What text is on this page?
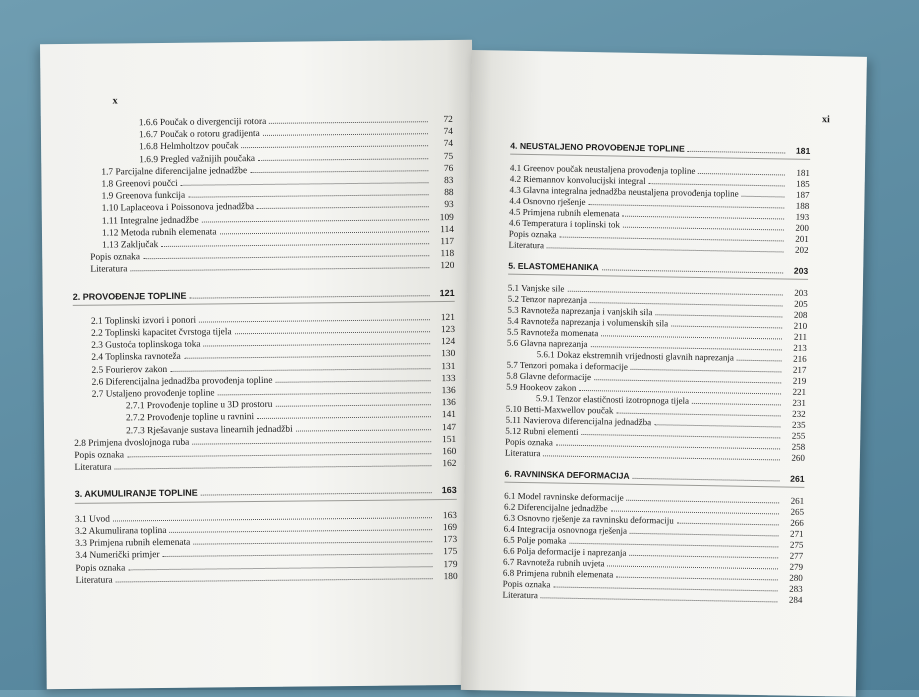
x
1.6.6 Poučak o divergenciji rotora	72
1.6.7 Poučak o rotoru gradijenta	74
1.6.8 Helmholtzov poučak	74
1.6.9 Pregled važnijih poučaka	75
1.7 Parcijalne diferencijalne jednadžbe	76
1.8 Greenovi poučci	83
1.9 Greenova funkcija	88
1.10 Laplaceova i Poissonova jednadžba	93
1.11 Integralne jednadžbe	109
1.12 Metoda rubnih elemenata	114
1.13 Zaključak	117
Popis oznaka	118
Literatura	120
2. PROVOĐENJE TOPLINE	121
2.1 Toplinski izvori i ponori	121
2.2 Toplinski kapacitet čvrstoga tijela	123
2.3 Gustoća toplinskoga toka	124
2.4 Toplinska ravnoteža	130
2.5 Fourierov zakon	131
2.6 Diferencijalna jednadžba provođenja topline	133
2.7 Ustaljeno provođenje topline	136
2.7.1 Provođenje topline u 3D prostoru	136
2.7.2 Provođenje topline u ravnini	141
2.7.3 Rješavanje sustava linearnih jednadžbi	147
2.8 Primjena dvoslojnoga ruba	151
Popis oznaka	160
Literatura	162
3. AKUMULIRANJE TOPLINE	163
3.1 Uvod	163
3.2 Akumulirana toplina	169
3.3 Primjena rubnih elemenata	173
3.4 Numerički primjer	175
Popis oznaka	179
Literatura	180
xi
4. NEUSTALJENO PROVOĐENJE TOPLINE	181
4.1 Greenov poučak neustaljena provođenja topline	181
4.2 Riemannov konvolucijski integral	185
4.3 Glavna integralna jednadžba neustaljena provođenja topline	187
4.4 Osnovno rješenje	188
4.5 Primjena rubnih elemenata	193
4.6 Temperatura i toplinski tok	200
Popis oznaka	201
Literatura	202
5. ELASTOMEHANIKA	203
5.1 Vanjske sile	203
5.2 Tenzor naprezanja	205
5.3 Ravnoteža naprezanja i vanjskih sila	208
5.4 Ravnoteža naprezanja i volumenskih sila	210
5.5 Ravnoteža momenata	211
5.6 Glavna naprezanja	213
5.6.1 Dokaz ekstremnih vrijednosti glavnih naprezanja	216
5.7 Tenzori pomaka i deformacije	217
5.8 Glavne deformacije	219
5.9 Hookeov zakon	221
5.9.1 Tenzor elastičnosti izotropnoga tijela	231
5.10 Betti-Maxwellov poučak	232
5.11 Navierova diferencijalna jednadžba	235
5.12 Rubni elementi	255
Popis oznaka	258
Literatura	260
6. RAVNINSKA DEFORMACIJA	261
6.1 Model ravninske deformacije	261
6.2 Diferencijalne jednadžbe	265
6.3 Osnovno rješenje za ravninsku deformaciju	266
6.4 Integracija osnovnoga rješenja	271
6.5 Polje pomaka	275
6.6 Polja deformacije i naprezanja	277
6.7 Ravnoteža rubnih uvjeta	279
6.8 Primjena rubnih elemenata	280
Popis oznaka	283
Literatura	284
